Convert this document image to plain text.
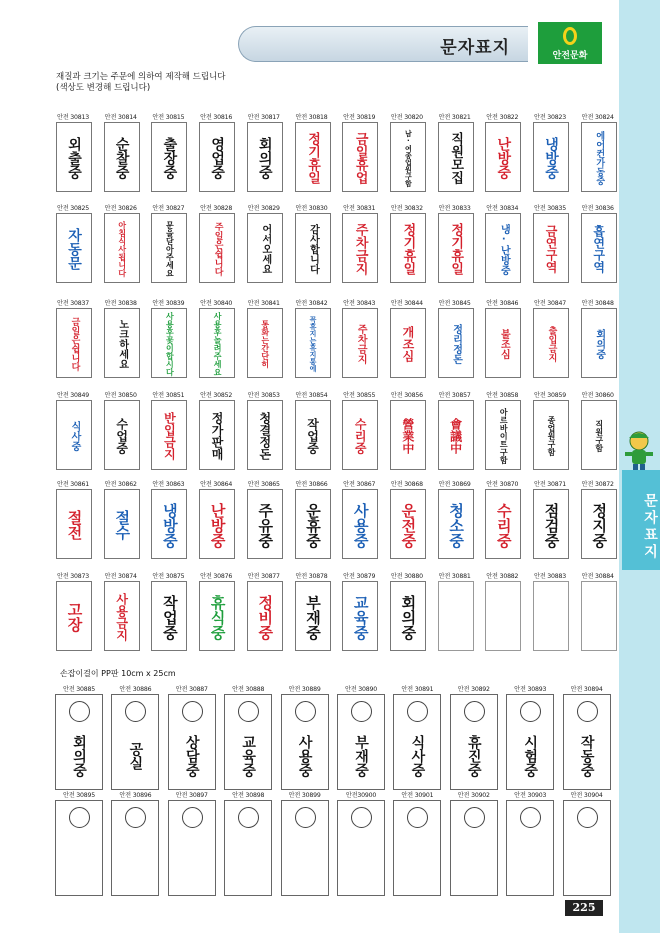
문자표지	안전문화
문자표지

재질과 크기는 주문에 의하여 제작해 드립니다

(색상도 변경해 드립니다)

안전 30813
외출중
안전 30814
순찰중
안전 30815
출장중
안전 30816
영업중
안전 30817
회의중
안전 30818
정기휴일
안전 30819
금일휴업
안전 30820
남·여종업원구함
안전 30821
직원모집
안전 30822
난방중
안전 30823
냉방중
안전 30824
에어컨가동중
안전 30825
자동문
안전 30826
아침식사됩니다
안전 30827
문을닫아주세요
안전 30828
주일은쉽니다
안전 30829
어서오세요
안전 30830
감사합니다
안전 30831
주차금지
안전 30832
정기휴일
안전 30833
정기휴일
안전 30834
냉·난방중
안전 30835
금연구역
안전 30836
흡연구역
안전 30837
금일은쉽니다
안전 30838
노크하세요
안전 30839
사용후꽃이합시다
안전 30840
사용후놀려주세요
안전 30841
통화는간단히
안전 30842
꼭휴지는휴지통에
안전 30843
주차금지
안전 30844
개조심
안전 30845
정리정돈
안전 30846
불조심
안전 30847
출입금지
안전 30848
회의중
안전 30849
식사중
안전 30850
수업중
안전 30851
반입금지
안전 30852
정가판매
안전 30853
청결정돈
안전 30854
작업중
안전 30855
수리중
안전 30856
營業中
안전 30857
會議中
안전 30858
아르바이트구함
안전 30859
종업원구함
안전 30860
직원구함
안전 30861
절전
안전 30862
절수
안전 30863
냉방중
안전 30864
난방중
안전 30865
주유중
안전 30866
운휴중
안전 30867
사용중
안전 30868
운전중
안전 30869
청소중
안전 30870
수리중
안전 30871
점검중
안전 30872
정지중
안전 30873
고장
안전 30874
사용금지
안전 30875
작업중
안전 30876
휴식중
안전 30877
정비중
안전 30878
부재중
안전 30879
교육중
안전 30880
회의중
안전 30881	안전 30882	안전 30883	안전 30884
손잡이걸이 PP판 10cm x 25cm
안전 30885
회의중
안전 30886
공실
안전 30887
상담중
안전 30888
교육중
안전 30889
사용중
안전 30890
부재중
안전 30891
식사중
안전 30892
휴진중
안전 30893
시험중
안전 30894
작동중
안전 30895	안전 30896	안전 30897	안전 30898	안전 30899	안전30900	안전 30901	안전 30902	안전 30903	안전 30904
225
